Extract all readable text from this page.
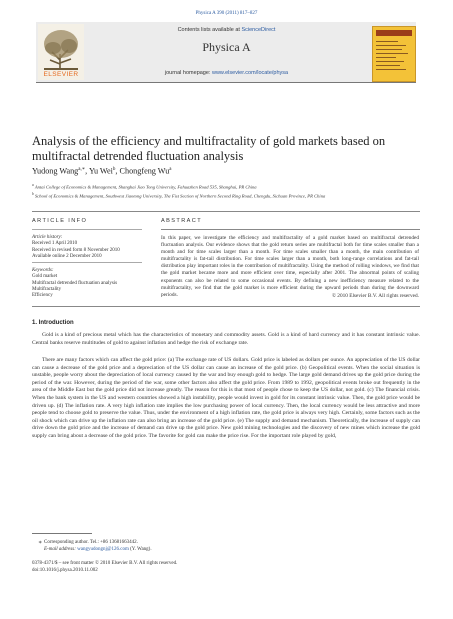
Physica A 390 (2011) 817–827
ELSEVIER
Contents lists available at ScienceDirect
Physica A
journal homepage: www.elsevier.com/locate/physa
Analysis of the efficiency and multifractality of gold markets based on multifractal detrended fluctuation analysis
Yudong Wang$^{a,∗}$, Yu Wei$^b$, Chongfeng Wu$^a$
$^a$ Antai College of Economics & Management, Shanghai Jiao Tong University, Fahuazhen Road 535, Shanghai, PR China
$^b$ School of Economics & Management, Southwest Jiaotong University, The Fist Section of Northern Second Ring Road, Chengdu, Sichuan Province, PR China
ARTICLE INFO
Article history:
Received 1 April 2010
Received in revised form 8 November 2010
Available online 2 December 2010
Keywords:
Gold market
Multifractal detrended fluctuation analysis
Multifractality
Efficiency
ABSTRACT
In this paper, we investigate the efficiency and multifractality of a gold market based on multifractal detrended fluctuation analysis. Our evidence shows that the gold return series are multifractal both for time scales smaller than a month and for time scales larger than a month. For time scales smaller than a month, the main contribution of multifractality is fat-tail distribution. For time scales larger than a month, both long-range correlations and fat-tail distribution play important roles in the contribution of multifractality. Using the method of rolling windows, we find that the gold market became more and more efficient over time, especially after 2001. The abnormal points of scaling exponents can also be related to some occasional events. By defining a new inefficiency measure related to the multifractality, we find that the gold market is more efficient during the upward periods than during the downward periods.	© 2010 Elsevier B.V. All rights reserved.
1. Introduction

Gold is a kind of precious metal which has the characteristics of monetary and commodity assets. Gold is a kind of hard currency and it has constant intrinsic value. Central banks reserve multitudes of gold to against inflation and hedge the risk of exchange rate.

There are many factors which can affect the gold price: (a) The exchange rate of US dollars. Gold price is labeled as dollars per ounce. An appreciation of the US dollar can cause a decrease of the gold price and a depreciation of the US dollar can cause an increase of the gold price. (b) Geopolitical events. When the social situation is unstable, people worry about the depreciation of local currency caused by the war and buy enough gold to hedge. The large gold demand drives up the gold price during the period of the war. However, during the period of the war, some other factors also affect the gold price. From 1989 to 1992, geopolitical events broke out frequently in the area of the Middle East but the gold price did not increase greatly. The reason for this is that most of people chose to keep the US dollar, not gold. (c) The financial crisis. When the bank system in the US and western countries showed a high instability, people would invest in gold for its constant intrinsic value. Then, the gold price would be driven up. (d) The inflation rate. A very high inflation rate implies the low purchasing power of local currency. Then, the local currency would be less attractive and more people tend to choose gold to preserve the value. Thus, under the environment of a high inflation rate, the gold price is always very high. Certainly, some factors such as the oil shock which can drive up the inflation rate can also bring an increase of the gold price. (e) The supply and demand mechanism. Theoretically, the increase of supply can drive down the gold price and the increase of demand can drive up the gold price. New gold mining technologies and the discovery of new mines which increase the gold supply can bring about a decrease of the gold price. The favorite for gold can make the price rise. For the important role played by gold,

∗ Corresponding author. Tel.: +86 13681663442.
E-mail address: wangyudongnj@126.com (Y. Wang).
0378-4371/$ – see front matter © 2010 Elsevier B.V. All rights reserved.
doi:10.1016/j.physa.2010.11.002
